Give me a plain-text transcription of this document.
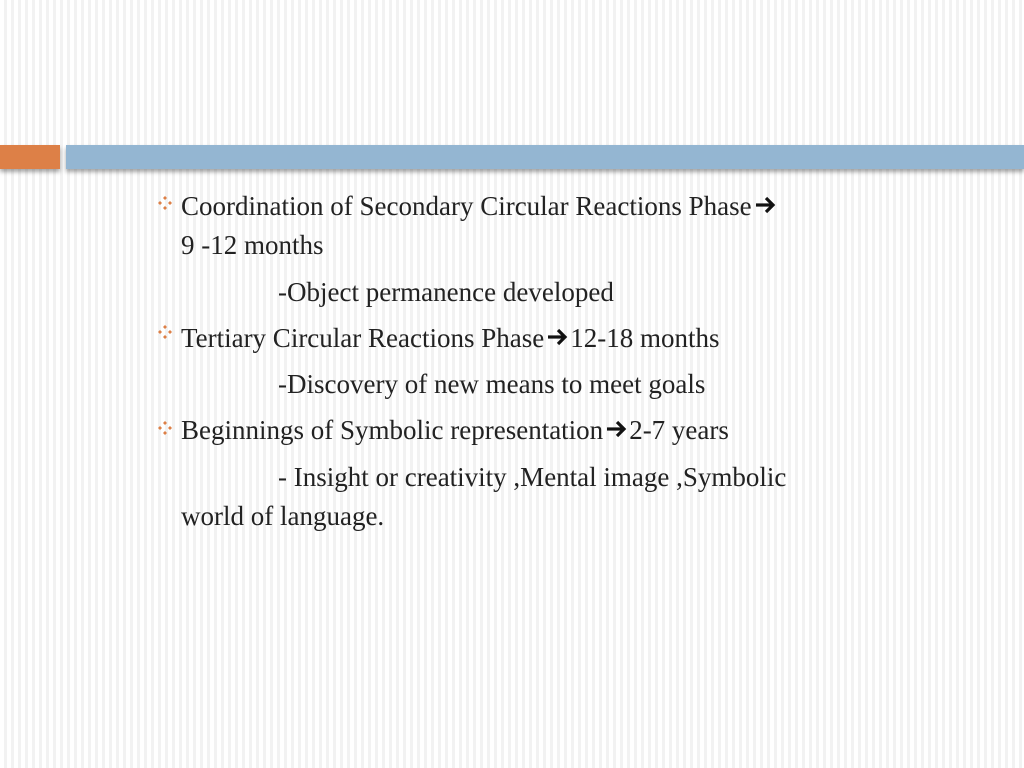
Coordination of Secondary Circular Reactions Phase
9 -12 months
-Object permanence developed
Tertiary Circular Reactions Phase 12-18 months
-Discovery of new means to meet goals
Beginnings of Symbolic representation 2-7 years
- Insight or creativity ,Mental image ,Symbolic
world of language.
